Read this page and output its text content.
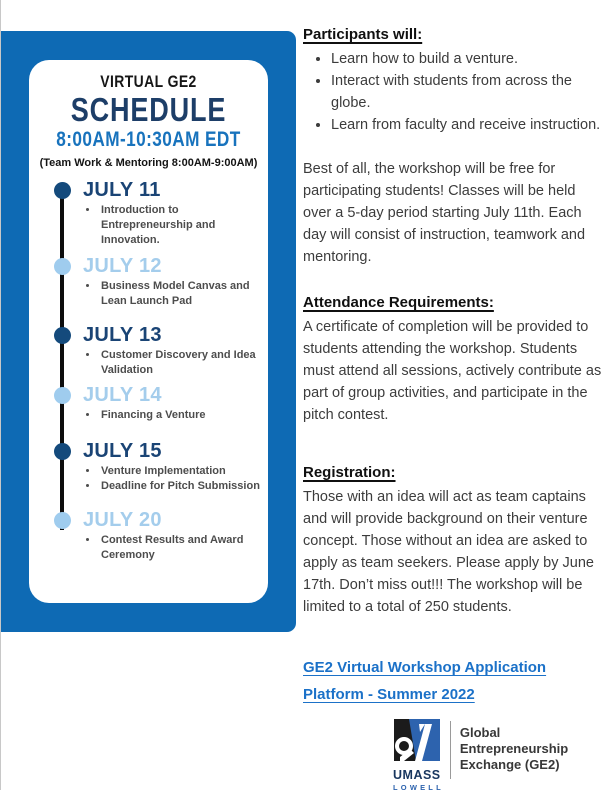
VIRTUAL GE2
SCHEDULE
8:00AM-10:30AM EDT
(Team Work & Mentoring 8:00AM-9:00AM)
JULY 11
• Introduction to Entrepreneurship and Innovation.
JULY 12
• Business Model Canvas and Lean Launch Pad
JULY 13
• Customer Discovery and Idea Validation
JULY 14
• Financing a Venture
JULY 15
• Venture Implementation
• Deadline for Pitch Submission
JULY 20
• Contest Results and Award Ceremony
Participants will:
• Learn how to build a venture.
• Interact with students from across the globe.
• Learn from faculty and receive instruction.

Best of all, the workshop will be free for participating students! Classes will be held over a 5-day period starting July 11th. Each day will consist of instruction, teamwork and mentoring.

Attendance Requirements:

A certificate of completion will be provided to students attending the workshop. Students must attend all sessions, actively contribute as part of group activities, and participate in the pitch contest.

Registration:

Those with an idea will act as team captains and will provide background on their venture concept. Those without an idea are asked to apply as team seekers. Please apply by June 17th. Don’t miss out!!! The workshop will be limited to a total of 250 students.

GE2 Virtual Workshop Application Platform - Summer 2022
UMASS
LOWELL
Global Entrepreneurship Exchange (GE2)
